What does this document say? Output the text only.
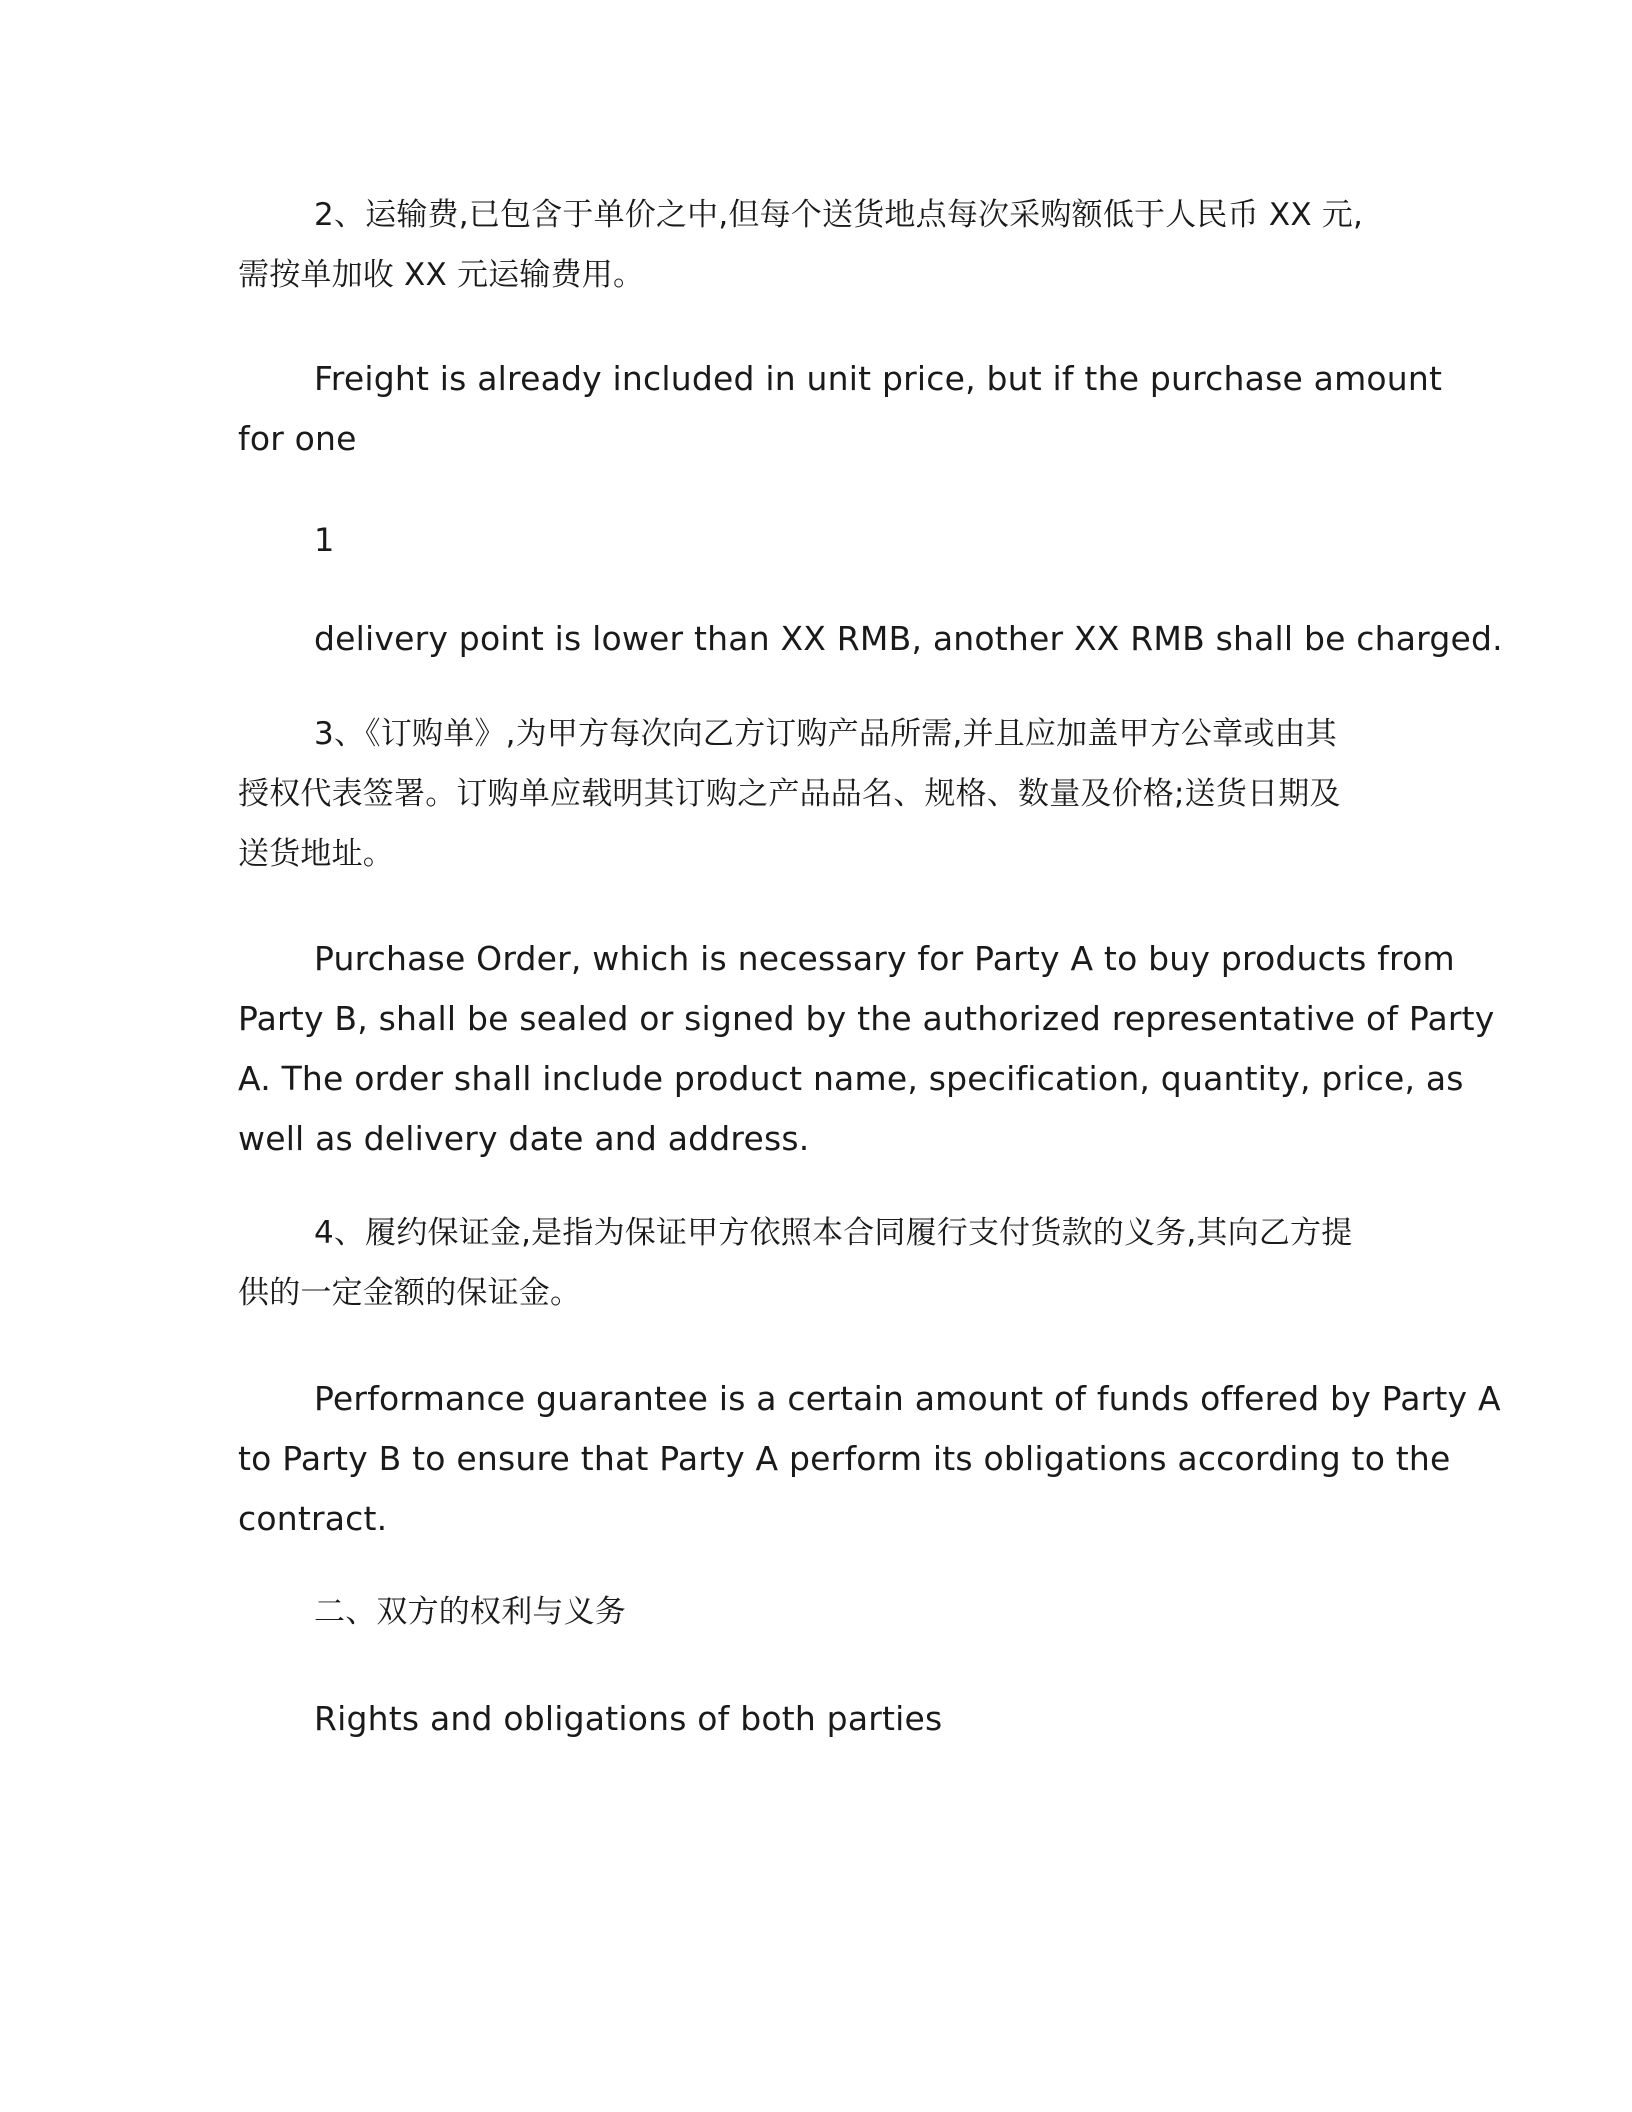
2、运输费,已包含于单价之中,但每个送货地点每次采购额低于人民币 XX 元,
需按单加收 XX 元运输费用。
Freight is already included in unit price, but if the purchase amount
for one
1
delivery point is lower than XX RMB, another XX RMB shall be charged.
3、《订购单》,为甲方每次向乙方订购产品所需,并且应加盖甲方公章或由其
授权代表签署。订购单应载明其订购之产品品名、规格、数量及价格;送货日期及
送货地址。
Purchase Order, which is necessary for Party A to buy products from
Party B, shall be sealed or signed by the authorized representative of Party
A. The order shall include product name, specification, quantity, price, as
well as delivery date and address.
4、履约保证金,是指为保证甲方依照本合同履行支付货款的义务,其向乙方提
供的一定金额的保证金。
Performance guarantee is a certain amount of funds offered by Party A
to Party B to ensure that Party A perform its obligations according to the
contract.
二、双方的权利与义务
Rights and obligations of both parties
